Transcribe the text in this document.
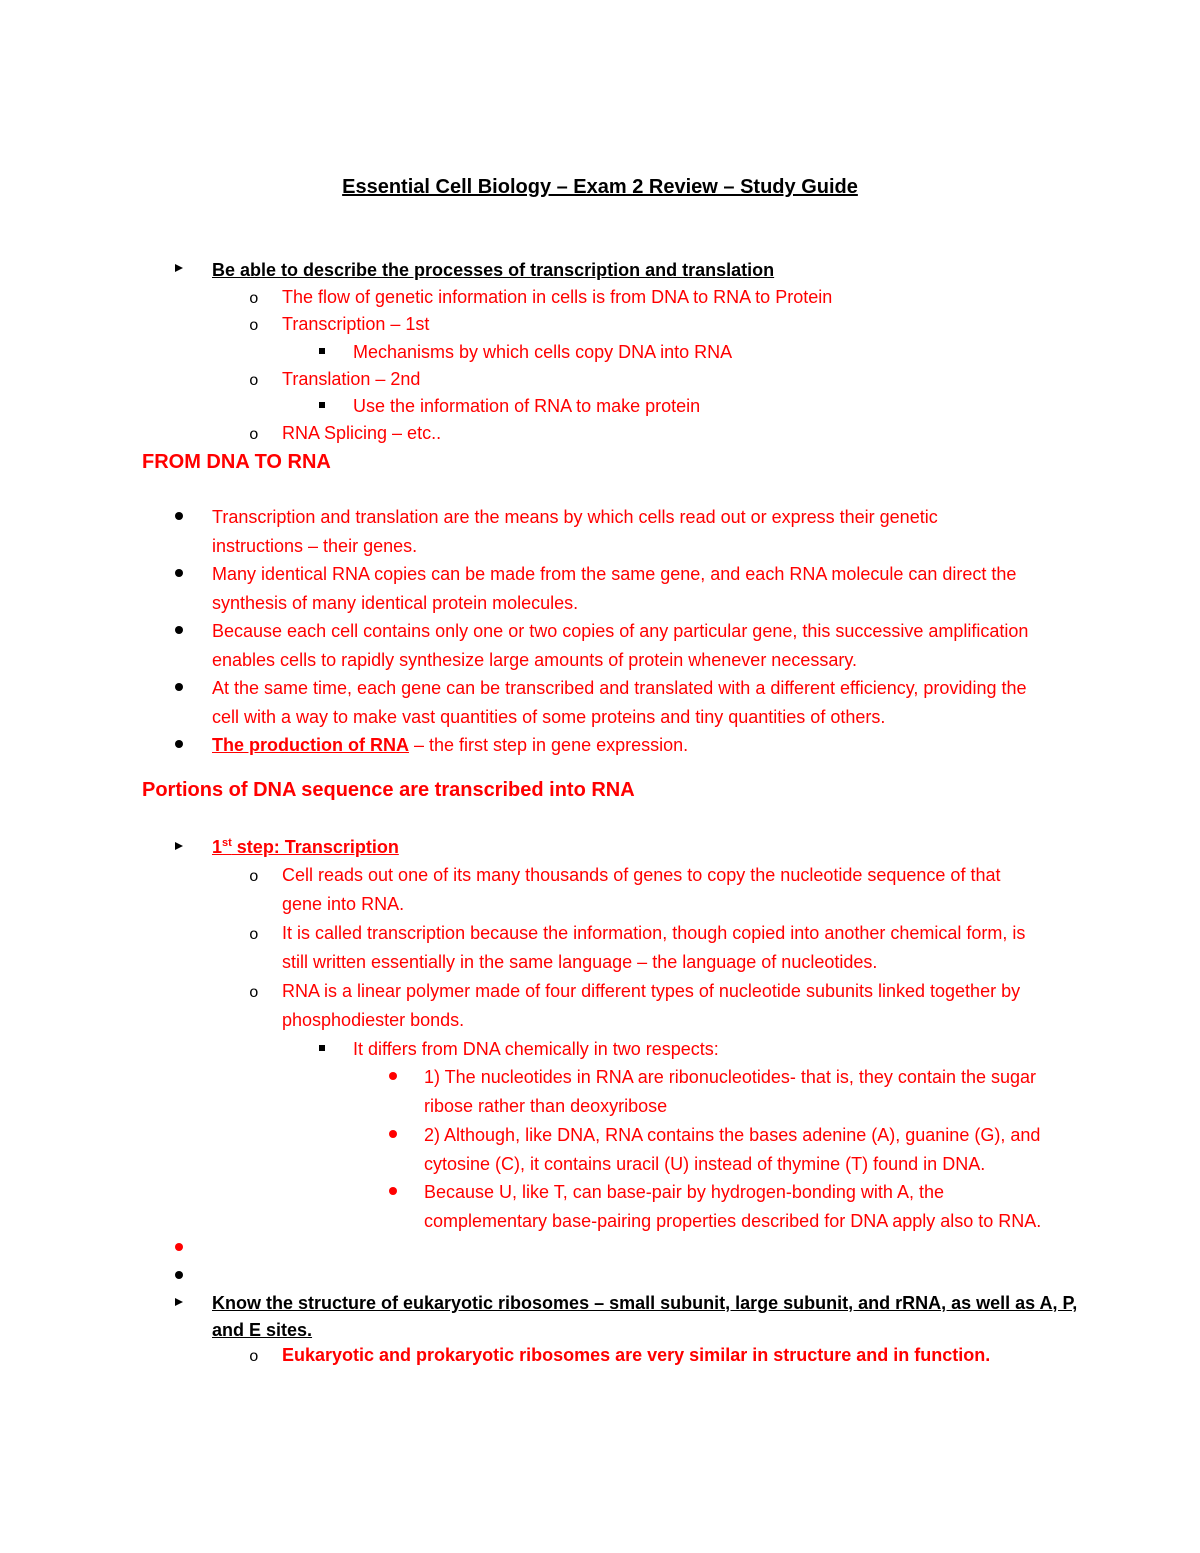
Essential Cell Biology – Exam 2 Review – Study Guide
Be able to describe the processes of transcription and translation
o The flow of genetic information in cells is from DNA to RNA to Protein
o Transcription – 1st
Mechanisms by which cells copy DNA into RNA
o Translation – 2nd
Use the information of RNA to make protein
o RNA Splicing – etc..
FROM DNA TO RNA
Transcription and translation are the means by which cells read out or express their genetic
instructions – their genes.
Many identical RNA copies can be made from the same gene, and each RNA molecule can direct the
synthesis of many identical protein molecules.
Because each cell contains only one or two copies of any particular gene, this successive amplification
enables cells to rapidly synthesize large amounts of protein whenever necessary.
At the same time, each gene can be transcribed and translated with a different efficiency, providing the
cell with a way to make vast quantities of some proteins and tiny quantities of others.
The production of RNA – the first step in gene expression.
Portions of DNA sequence are transcribed into RNA
1st step: Transcription
o Cell reads out one of its many thousands of genes to copy the nucleotide sequence of that
gene into RNA.
o It is called transcription because the information, though copied into another chemical form, is
still written essentially in the same language – the language of nucleotides.
o RNA is a linear polymer made of four different types of nucleotide subunits linked together by
phosphodiester bonds.
It differs from DNA chemically in two respects:
1) The nucleotides in RNA are ribonucleotides- that is, they contain the sugar
ribose rather than deoxyribose
2) Although, like DNA, RNA contains the bases adenine (A), guanine (G), and
cytosine (C), it contains uracil (U) instead of thymine (T) found in DNA.
Because U, like T, can base-pair by hydrogen-bonding with A, the
complementary base-pairing properties described for DNA apply also to RNA.
Know the structure of eukaryotic ribosomes – small subunit, large subunit, and rRNA, as well as A, P,
and E sites.
o Eukaryotic and prokaryotic ribosomes are very similar in structure and in function.
